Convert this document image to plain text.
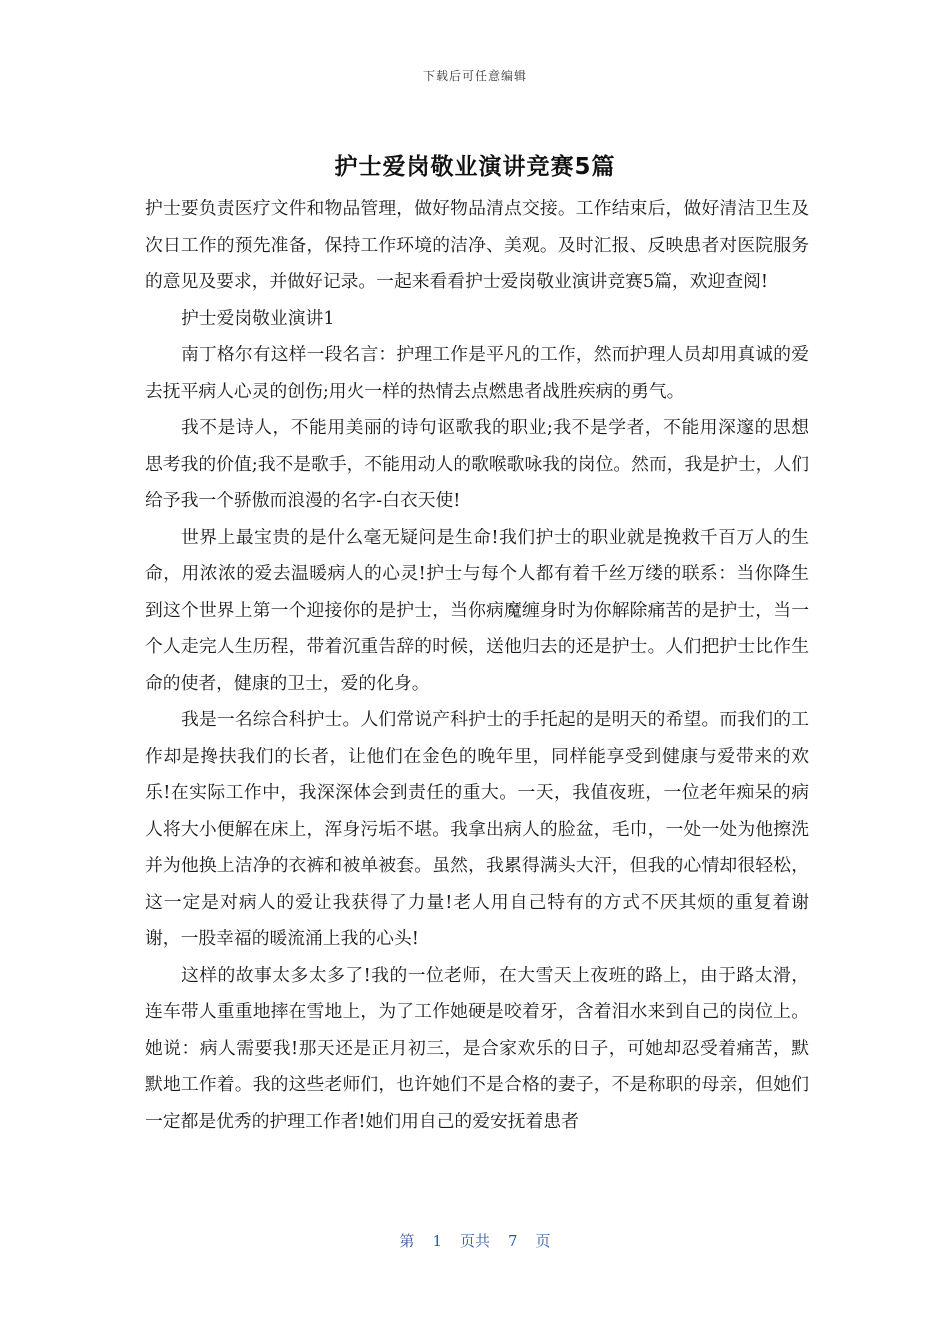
下载后可任意编辑
护士爱岗敬业演讲竞赛5篇

护士要负责医疗文件和物品管理，做好物品清点交接。工作结束后，做好清洁卫生及次日工作的预先准备，保持工作环境的洁净、美观。及时汇报、反映患者对医院服务的意见及要求，并做好记录。一起来看看护士爱岗敬业演讲竞赛5篇，欢迎查阅!

护士爱岗敬业演讲1

南丁格尔有这样一段名言：护理工作是平凡的工作，然而护理人员却用真诚的爱去抚平病人心灵的创伤;用火一样的热情去点燃患者战胜疾病的勇气。

我不是诗人，不能用美丽的诗句讴歌我的职业;我不是学者，不能用深邃的思想思考我的价值;我不是歌手，不能用动人的歌喉歌咏我的岗位。然而，我是护士，人们给予我一个骄傲而浪漫的名字-白衣天使!

世界上最宝贵的是什么毫无疑问是生命!我们护士的职业就是挽救千百万人的生命，用浓浓的爱去温暖病人的心灵!护士与每个人都有着千丝万缕的联系：当你降生到这个世界上第一个迎接你的是护士，当你病魔缠身时为你解除痛苦的是护士，当一个人走完人生历程，带着沉重告辞的时候，送他归去的还是护士。人们把护士比作生命的使者，健康的卫士，爱的化身。

我是一名综合科护士。人们常说产科护士的手托起的是明天的希望。而我们的工作却是搀扶我们的长者，让他们在金色的晚年里，同样能享受到健康与爱带来的欢乐!在实际工作中，我深深体会到责任的重大。一天，我值夜班，一位老年痴呆的病人将大小便解在床上，浑身污垢不堪。我拿出病人的脸盆，毛巾，一处一处为他擦洗并为他换上洁净的衣裤和被单被套。虽然，我累得满头大汗，但我的心情却很轻松，这一定是对病人的爱让我获得了力量!老人用自己特有的方式不厌其烦的重复着谢谢，一股幸福的暖流涌上我的心头!

这样的故事太多太多了!我的一位老师，在大雪天上夜班的路上，由于路太滑，连车带人重重地摔在雪地上，为了工作她硬是咬着牙，含着泪水来到自己的岗位上。她说：病人需要我!那天还是正月初三，是合家欢乐的日子，可她却忍受着痛苦，默默地工作着。我的这些老师们，也许她们不是合格的妻子，不是称职的母亲，但她们一定都是优秀的护理工作者!她们用自己的爱安抚着患者

第 1 页共 7 页
